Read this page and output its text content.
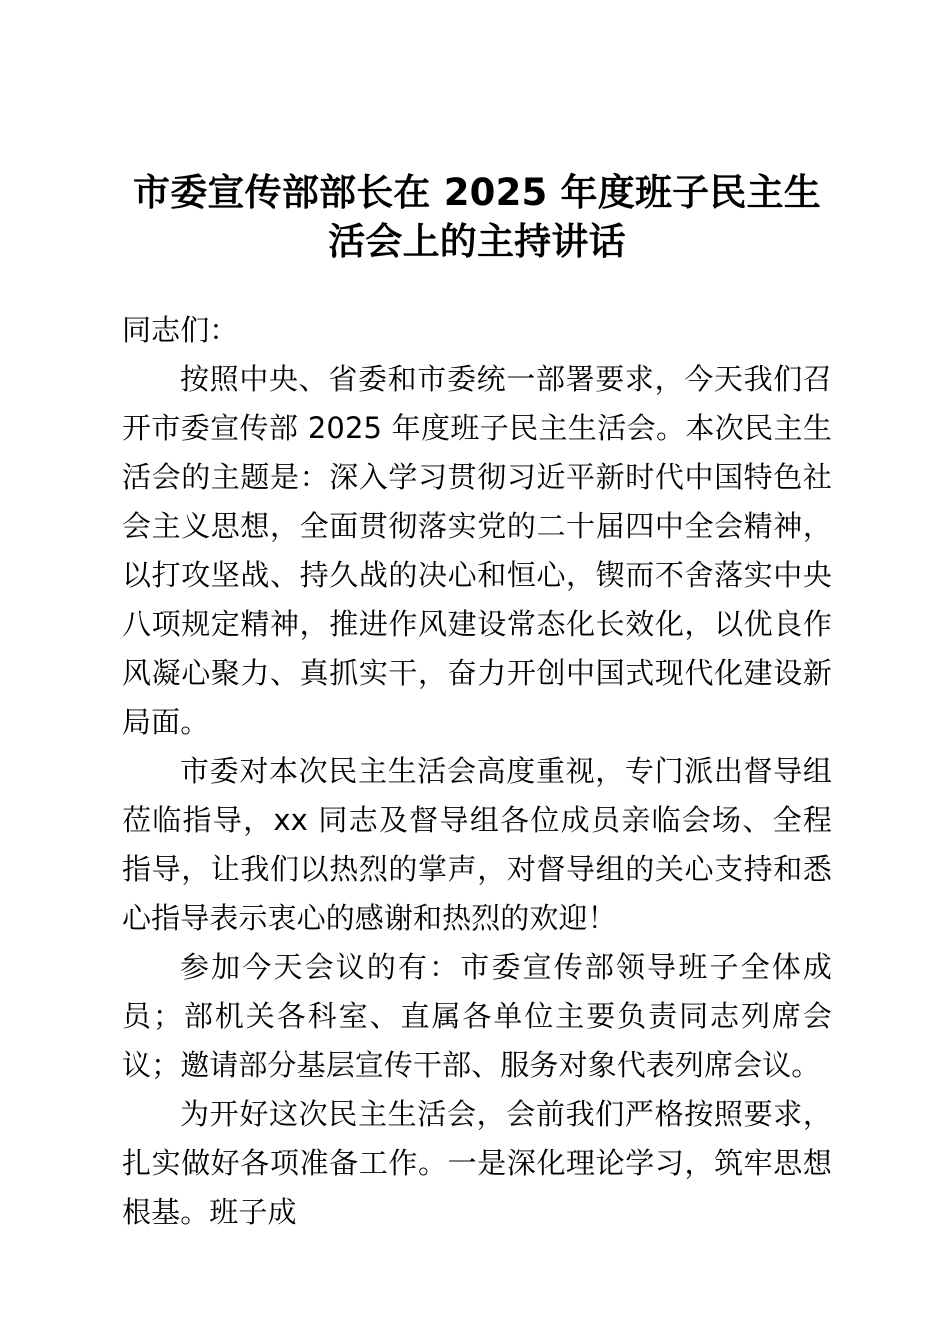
市委宣传部部长在 2025 年度班子民主生活会上的主持讲话

同志们：

按照中央、省委和市委统一部署要求，今天我们召开市委宣传部 2025 年度班子民主生活会。本次民主生活会的主题是：深入学习贯彻习近平新时代中国特色社会主义思想，全面贯彻落实党的二十届四中全会精神，以打攻坚战、持久战的决心和恒心，锲而不舍落实中央八项规定精神，推进作风建设常态化长效化，以优良作风凝心聚力、真抓实干，奋力开创中国式现代化建设新局面。

市委对本次民主生活会高度重视，专门派出督导组莅临指导，xx 同志及督导组各位成员亲临会场、全程指导，让我们以热烈的掌声，对督导组的关心支持和悉心指导表示衷心的感谢和热烈的欢迎！

参加今天会议的有：市委宣传部领导班子全体成员；部机关各科室、直属各单位主要负责同志列席会议；邀请部分基层宣传干部、服务对象代表列席会议。

为开好这次民主生活会，会前我们严格按照要求，扎实做好各项准备工作。一是深化理论学习，筑牢思想根基。班子成
